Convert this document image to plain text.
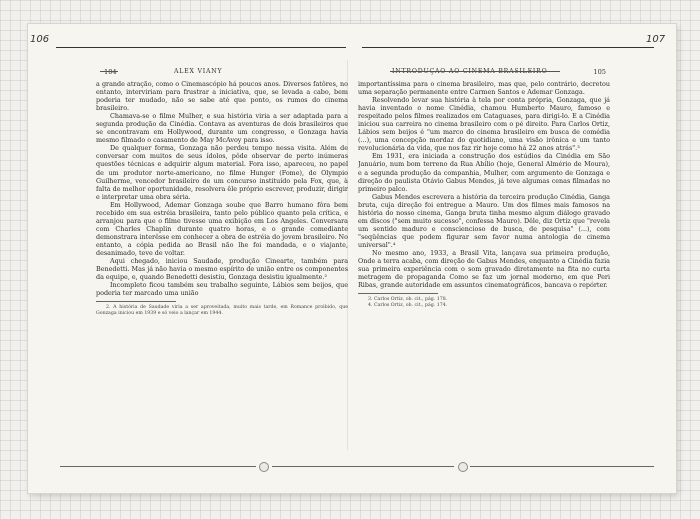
106	107
104	ALEX VIANY

a grande atração, como o Cinemascópio há poucos anos. Diversos fatôres, no entanto, interviriam para frustrar a iniciativa, que, se levada a cabo, bem poderia ter mudado, não se sabe até que ponto, os rumos do cinema brasileiro.

Chamava-se o filme Mulher, e sua história viria a ser adaptada para a segunda produção da Cinédia. Contava as aventuras de dois brasileiros que se encontravam em Hollywood, durante um congresso, e Gonzaga havia mesmo filmado o casamento de May McAvoy para isso.

De qualquer forma, Gonzaga não perdeu tempo nessa visita. Além de conversar com muitos de seus ídolos, pôde observar de perto inúmeras questões técnicas e adquirir algum material. Fora isso, apareceu, no papel de um produtor norte-americano, no filme Hunger (Fome), de Olympio Guilherme, vencedor brasileiro de um concurso instituído pela Fox, que, à falta de melhor oportunidade, resolvera êle próprio escrever, produzir, dirigir e interpretar uma obra séria.

Em Hollywood, Ademar Gonzaga soube que Barro humano fôra bem recebido em sua estréia brasileira, tanto pelo público quanto pela crítica, e arranjou para que o filme tivesse uma exibição em Los Angeles. Conversara com Charles Chaplin durante quatro horas, e o grande comediante demonstrara interêsse em conhecer a obra de estréia do jovem brasileiro. No entanto, a cópia pedida ao Brasil não lhe foi mandada, e o viajante, desanimado, teve de voltar.

Aqui chegado, iniciou Saudade, produção Cinearte, também para Benedetti. Mas já não havia o mesmo espírito de união entre os componentes da equipe, e, quando Benedetti desistiu, Gonzaga desistiu igualmente.²

Incompleto ficou também seu trabalho seguinte, Lábios sem beijos, que poderia ter marcado uma união

2. A história de Saudade viria a ser aproveitada, muito mais tarde, em Romance proibido, que Gonzaga iniciou em 1939 e só veio a lançar em 1944.

INTRODUÇÃO AO CINEMA BRASILEIRO	105

importantíssima para o cinema brasileiro, mas que, pelo contrário, decretou uma separação permanente entre Carmen Santos e Ademar Gonzaga.

Resolvendo levar sua história à tela por conta própria, Gonzaga, que já havia inventado o nome Cinédia, chamou Humberto Mauro, famoso e respeitado pelos filmes realizados em Cataguases, para dirigi-lo. E a Cinédia iniciou sua carreira no cinema brasileiro com o pé direito. Para Carlos Ortiz, Lábios sem beijos é "um marco do cinema brasileiro em busca de comédia (...), uma concepção mordaz do quotidiano, uma visão irônica e um tanto revolucionária da vida, que nos faz rir hoje como há 22 anos atrás".³

Em 1931, era iniciada a construção dos estúdios da Cinédia em São Januário, num bom terreno da Rua Abílio (hoje, General Almério de Moura), e a segunda produção da companhia, Mulher, com argumento de Gonzaga e direção do paulista Otávio Gabus Mendes, já teve algumas cenas filmadas no primeiro palco.

Gabus Mendes escrevera a história da terceira produção Cinédia, Ganga bruta, cuja direção foi entregue a Mauro. Um dos filmes mais famosos na história do nosso cinema, Ganga bruta tinha mesmo algum diálogo gravado em discos ("sem muito sucesso", confessa Mauro). Dêle, diz Ortiz que "revela um sentido maduro e consciencioso de busca, de pesquisa" (...), com "seqüências que podem figurar sem favor numa antologia de cinema universal".⁴

No mesmo ano, 1933, a Brasil Vita, lançava sua primeira produção, Onde a terra acaba, com direção de Gabus Mendes, enquanto a Cinédia fazia sua primeira experiência com o som gravado diretamente na fita no curta metragem de propaganda Como se faz um jornal moderno, em que Peri Ribas, grande autoridade em assuntos cinematográficos, bancava o repórter.

3. Carlos Ortiz, ob. cit., pág. 178.

4. Carlos Ortiz, ob. cit., pág. 174.
